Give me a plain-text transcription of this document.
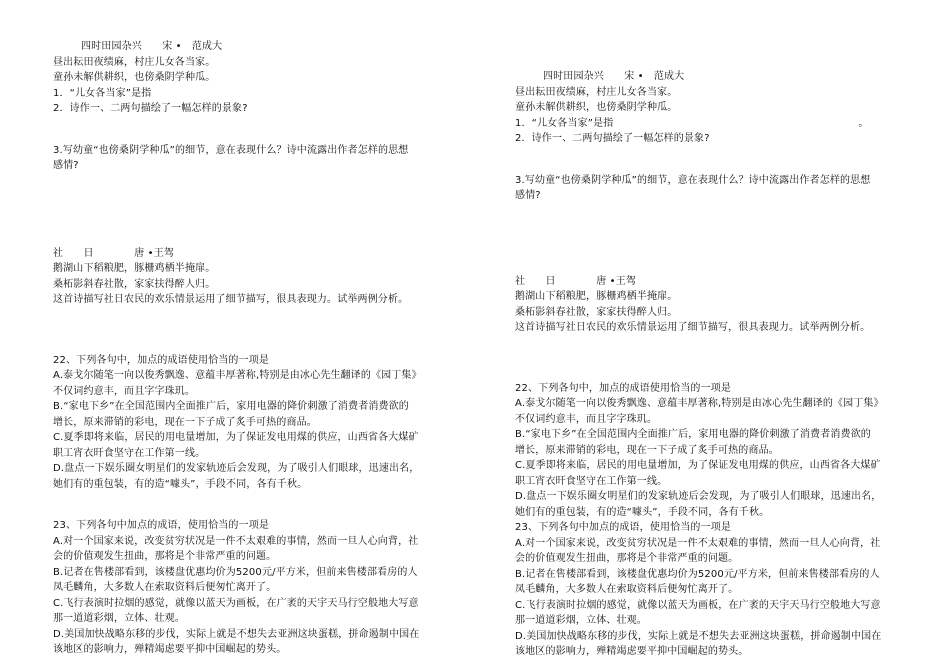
四时田园杂兴　　宋 •　范成大
昼出耘田夜绩麻，村庄儿女各当家。
童孙未解供耕织，也傍桑阴学种瓜。
1．“儿女各当家”是指
2．诗作一、二两句描绘了一幅怎样的景象?
3.写幼童“也傍桑阴学种瓜”的细节，意在表现什么？诗中流露出作者怎样的思想
感情?
社　　日　　　　唐 •王驾
鹅湖山下稻粮肥，豚栅鸡栖半掩扉。
桑柘影斜春社散，家家扶得醉人归。
这首诗描写社日农民的欢乐情景运用了细节描写，很具表现力。试举两例分析。
22、下列各句中，加点的成语使用恰当的一项是
A.泰戈尔随笔一向以俊秀飘逸、意蕴丰厚著称,特别是由冰心先生翻译的《园丁集》
不仅词约意丰，而且字字珠玑。
B.“家电下乡”在全国范围内全面推广后，家用电器的降价刺激了消费者消费欲的
增长，原来滞销的彩电，现在一下子成了炙手可热的商品。
C.夏季即将来临，居民的用电量增加，为了保证发电用煤的供应，山西省各大煤矿
职工宵衣旰食坚守在工作第一线。
D.盘点一下娱乐圈女明星们的发家轨迹后会发现，为了吸引人们眼球，迅速出名，
她们有的重包装，有的造“噱头”，手段不同，各有千秋。
23、下列各句中加点的成语，使用恰当的一项是
A.对一个国家来说，改变贫穷状况是一件不太艰难的事情，然而一旦人心向背，社
会的价值观发生扭曲，那将是个非常严重的问题。
B.记者在售楼部看到，该楼盘优惠均价为5200元/平方米，但前来售楼部看房的人
凤毛麟角，大多数人在索取资料后便匆忙离开了。
C.飞行表演时拉烟的感觉，就像以蓝天为画板，在广袤的天宇天马行空般地大写意
那一道道彩烟，立体、壮观。
D.美国加快战略东移的步伐，实际上就是不想失去亚洲这块蛋糕，拼命遏制中国在
该地区的影响力，殚精竭虑要平抑中国崛起的势头。
四时田园杂兴　　宋 •　范成大
昼出耘田夜绩麻，村庄儿女各当家。
童孙未解供耕织，也傍桑阴学种瓜。
1．“儿女各当家”是指	。
2．诗作一、二两句描绘了一幅怎样的景象?
3.写幼童“也傍桑阴学种瓜”的细节，意在表现什么？诗中流露出作者怎样的思想
感情?
社　　日　　　　唐 •王驾
鹅湖山下稻粮肥，豚栅鸡栖半掩扉。
桑柘影斜春社散，家家扶得醉人归。
这首诗描写社日农民的欢乐情景运用了细节描写，很具表现力。试举两例分析。
22、下列各句中，加点的成语使用恰当的一项是
A.泰戈尔随笔一向以俊秀飘逸、意蕴丰厚著称,特别是由冰心先生翻译的《园丁集》
不仅词约意丰，而且字字珠玑。
B.“家电下乡”在全国范围内全面推广后，家用电器的降价刺激了消费者消费欲的
增长，原来滞销的彩电，现在一下子成了炙手可热的商品。
C.夏季即将来临，居民的用电量增加，为了保证发电用煤的供应，山西省各大煤矿
职工宵衣旰食坚守在工作第一线。
D.盘点一下娱乐圈女明星们的发家轨迹后会发现，为了吸引人们眼球，迅速出名，
她们有的重包装，有的造“噱头”，手段不同，各有千秋。
23、下列各句中加点的成语，使用恰当的一项是
A.对一个国家来说，改变贫穷状况是一件不太艰难的事情，然而一旦人心向背，社
会的价值观发生扭曲，那将是个非常严重的问题。
B.记者在售楼部看到，该楼盘优惠均价为5200元/平方米，但前来售楼部看房的人
凤毛麟角，大多数人在索取资料后便匆忙离开了。
C.飞行表演时拉烟的感觉，就像以蓝天为画板，在广袤的天宇天马行空般地大写意
那一道道彩烟，立体、壮观。
D.美国加快战略东移的步伐，实际上就是不想失去亚洲这块蛋糕，拼命遏制中国在
该地区的影响力，殚精竭虑要平抑中国崛起的势头。
